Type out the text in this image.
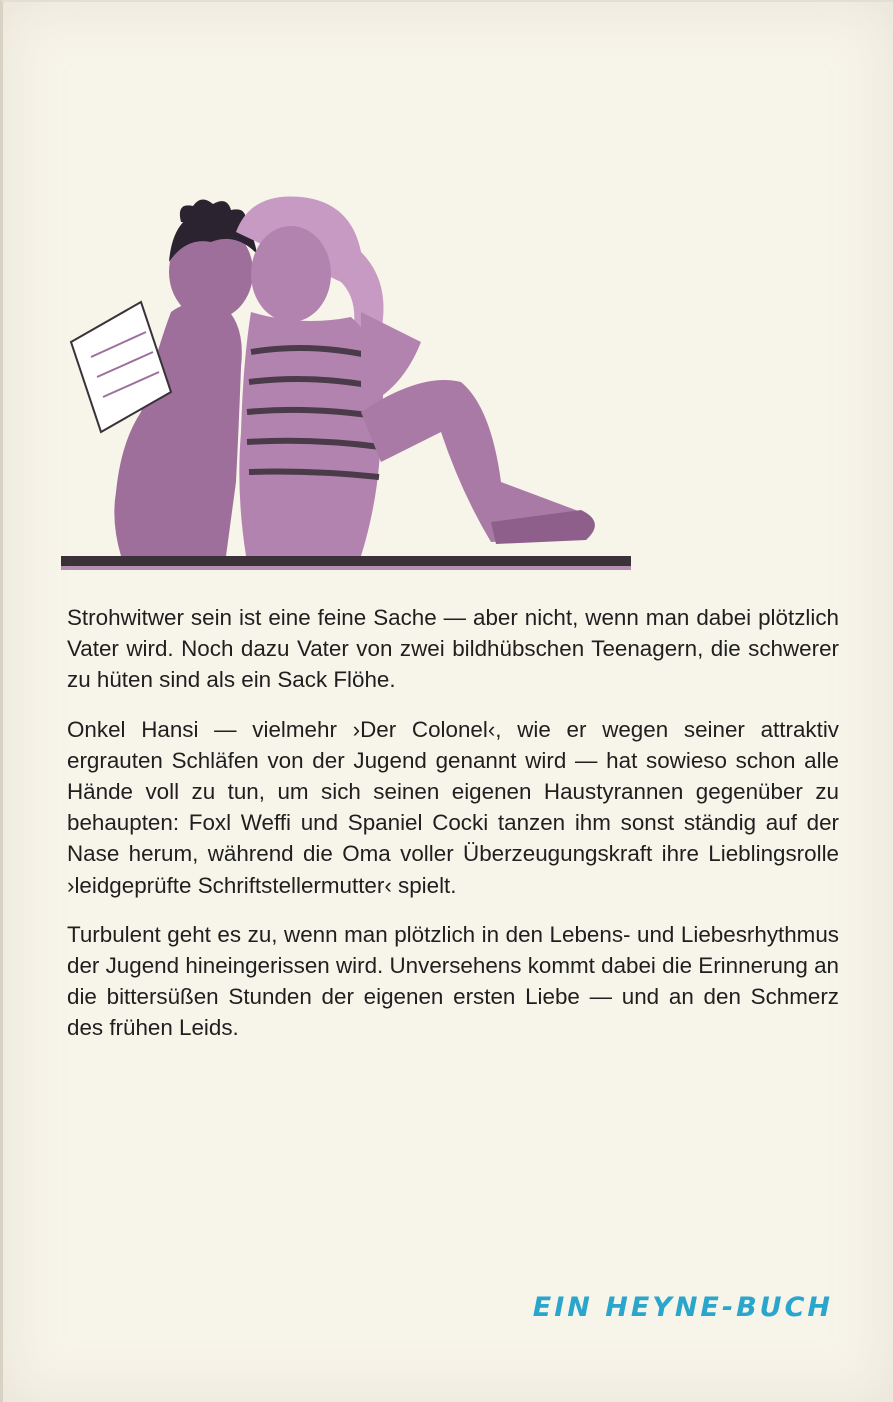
Strohwitwer sein ist eine feine Sache — aber nicht, wenn man dabei plötzlich Vater wird. Noch dazu Vater von zwei bildhübschen Teenagern, die schwerer zu hüten sind als ein Sack Flöhe.

Onkel Hansi — vielmehr ›Der Colonel‹, wie er wegen seiner attraktiv ergrauten Schläfen von der Jugend genannt wird — hat sowieso schon alle Hände voll zu tun, um sich seinen eigenen Haustyrannen gegenüber zu behaupten: Foxl Weffi und Spaniel Cocki tanzen ihm sonst ständig auf der Nase herum, während die Oma voller Überzeugungskraft ihre Lieblingsrolle ›leidgeprüfte Schriftstellermutter‹ spielt.

Turbulent geht es zu, wenn man plötzlich in den Lebens- und Liebesrhythmus der Jugend hineingerissen wird. Unversehens kommt dabei die Erinnerung an die bittersüßen Stunden der eigenen ersten Liebe — und an den Schmerz des frühen Leids.

EIN HEYNE-BUCH
